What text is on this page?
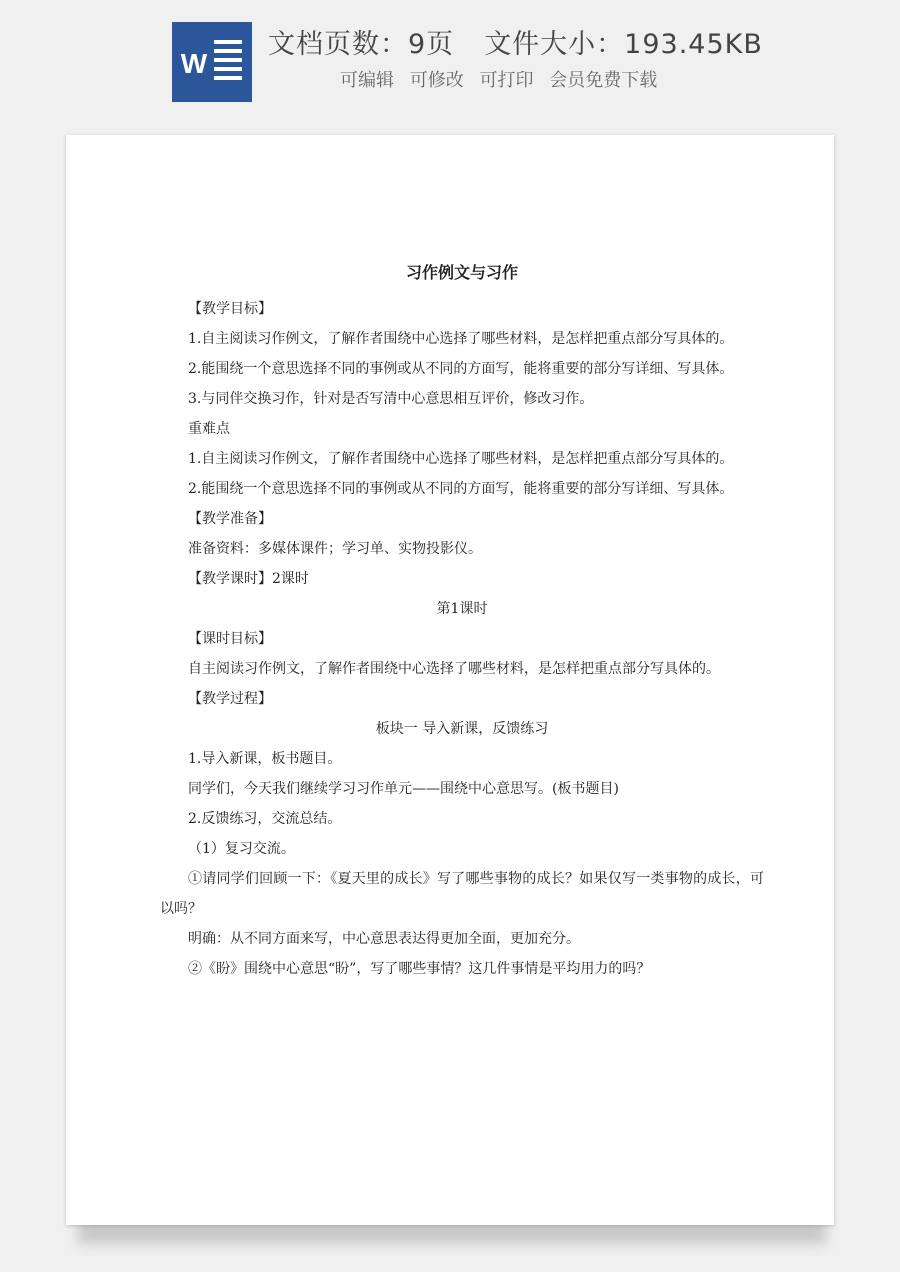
W
文档页数：9页 文件大小：193.45KB
可编辑 可修改 可打印 会员免费下载
习作例文与习作

【教学目标】

1.自主阅读习作例文，了解作者围绕中心选择了哪些材料，是怎样把重点部分写具体的。

2.能围绕一个意思选择不同的事例或从不同的方面写，能将重要的部分写详细、写具体。

3.与同伴交换习作，针对是否写清中心意思相互评价，修改习作。

重难点

1.自主阅读习作例文，了解作者围绕中心选择了哪些材料，是怎样把重点部分写具体的。

2.能围绕一个意思选择不同的事例或从不同的方面写，能将重要的部分写详细、写具体。

【教学准备】

准备资料：多媒体课件；学习单、实物投影仪。

【教学课时】2课时

第1课时

【课时目标】

自主阅读习作例文，了解作者围绕中心选择了哪些材料，是怎样把重点部分写具体的。

【教学过程】

板块一 导入新课，反馈练习

1.导入新课，板书题目。

同学们，今天我们继续学习习作单元——围绕中心意思写。(板书题目)

2.反馈练习，交流总结。

（1）复习交流。

①请同学们回顾一下：《夏天里的成长》写了哪些事物的成长？如果仅写一类事物的成长，可以吗？

明确：从不同方面来写，中心意思表达得更加全面，更加充分。

②《盼》围绕中心意思“盼”，写了哪些事情？这几件事情是平均用力的吗？
